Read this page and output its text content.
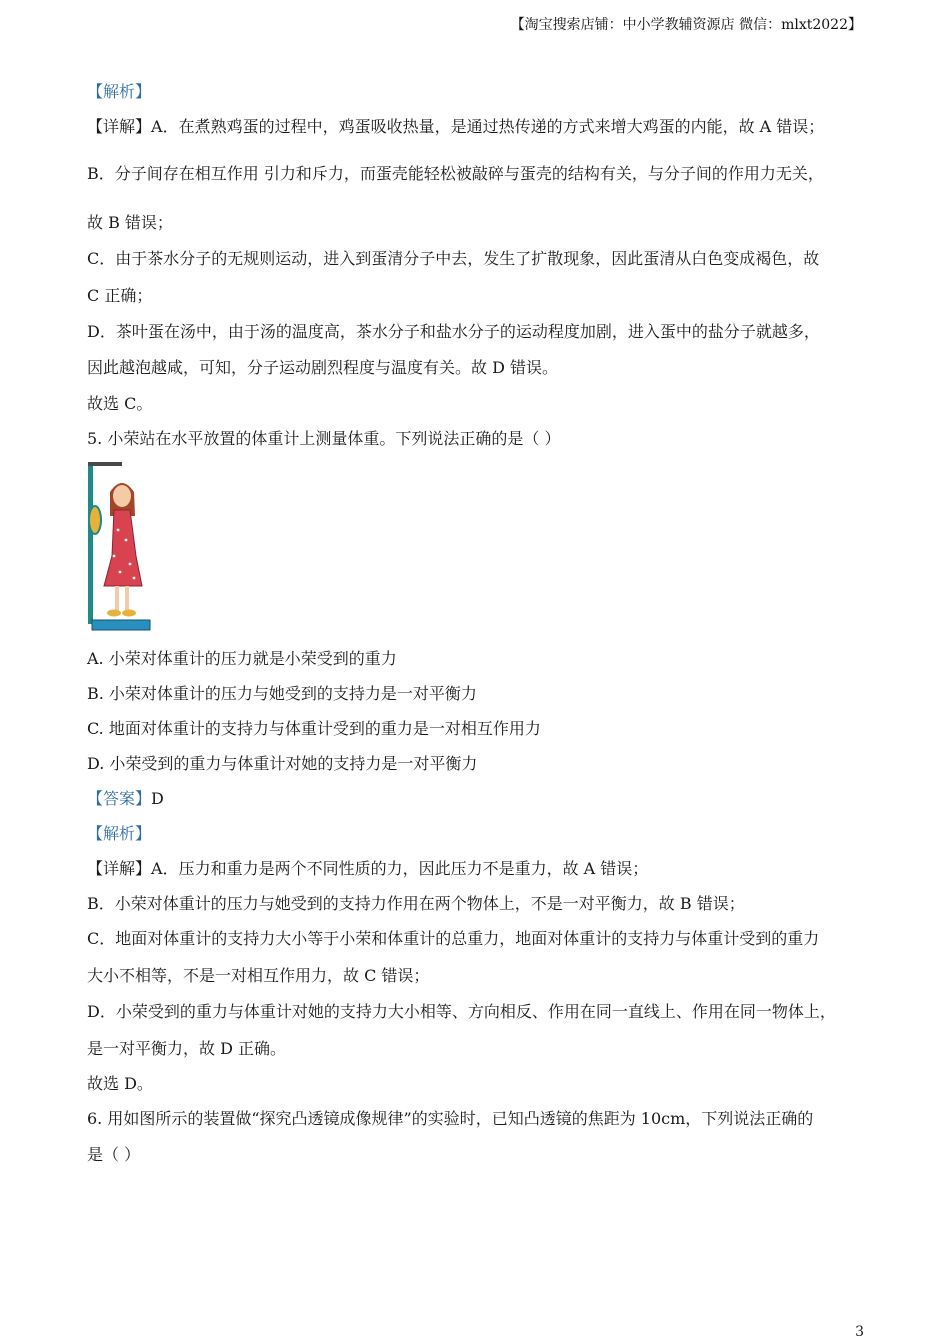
【淘宝搜索店铺：中小学教辅资源店 微信：mlxt2022】
【解析】
【详解】A．在煮熟鸡蛋的过程中，鸡蛋吸收热量，是通过热传递的方式来增大鸡蛋的内能，故 A 错误；
B．分子间存在相互作用 引力和斥力，而蛋壳能轻松被敲碎与蛋壳的结构有关，与分子间的作用力无关，
故 B 错误；
C．由于茶水分子的无规则运动，进入到蛋清分子中去，发生了扩散现象，因此蛋清从白色变成褐色，故
C 正确；
D．茶叶蛋在汤中，由于汤的温度高，茶水分子和盐水分子的运动程度加剧，进入蛋中的盐分子就越多，
因此越泡越咸，可知，分子运动剧烈程度与温度有关。故 D 错误。
故选 C。
5. 小荣站在水平放置的体重计上测量体重。下列说法正确的是（ ）
A. 小荣对体重计的压力就是小荣受到的重力
B. 小荣对体重计的压力与她受到的支持力是一对平衡力
C. 地面对体重计的支持力与体重计受到的重力是一对相互作用力
D. 小荣受到的重力与体重计对她的支持力是一对平衡力
【答案】D
【解析】
【详解】A．压力和重力是两个不同性质的力，因此压力不是重力，故 A 错误；
B．小荣对体重计的压力与她受到的支持力作用在两个物体上，不是一对平衡力，故 B 错误；
C．地面对体重计的支持力大小等于小荣和体重计的总重力，地面对体重计的支持力与体重计受到的重力
大小不相等，不是一对相互作用力，故 C 错误；
D．小荣受到的重力与体重计对她的支持力大小相等、方向相反、作用在同一直线上、作用在同一物体上，
是一对平衡力，故 D 正确。
故选 D。
6. 用如图所示的装置做“探究凸透镜成像规律”的实验时，已知凸透镜的焦距为 10cm，下列说法正确的
是（ ）
3
